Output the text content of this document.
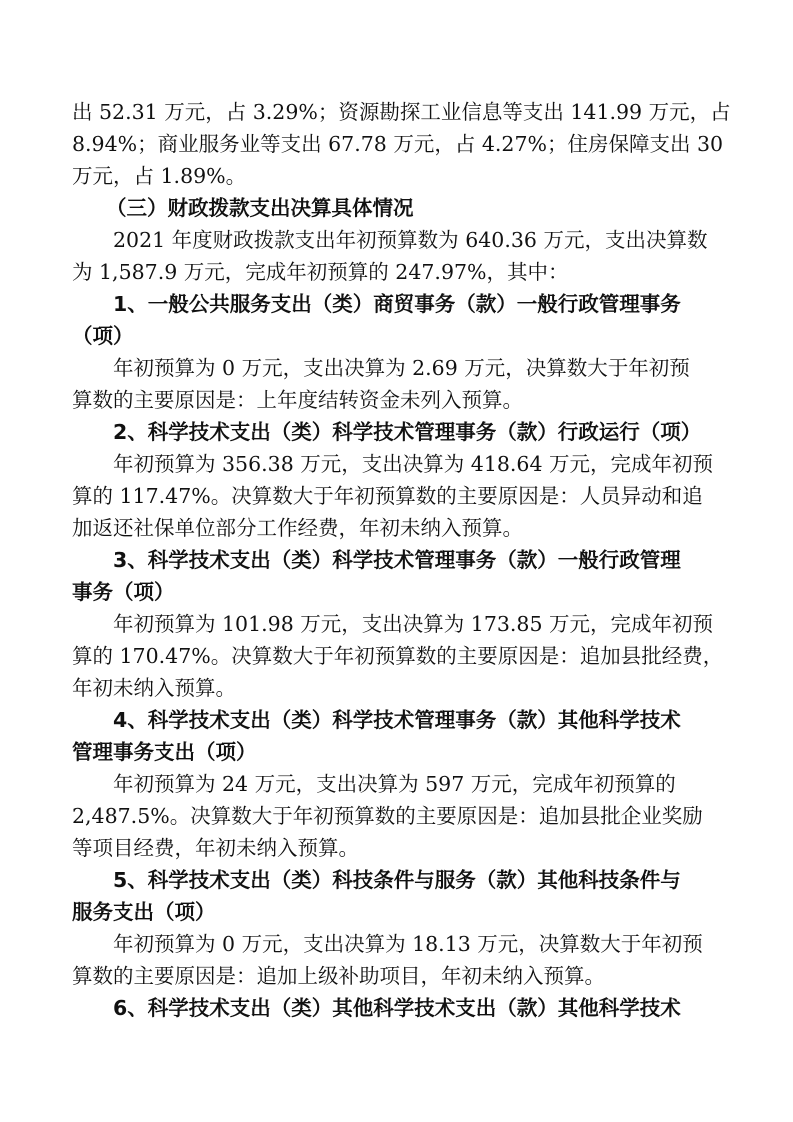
出 52.31 万元，占 3.29%；资源勘探工业信息等支出 141.99 万元，占
8.94%；商业服务业等支出 67.78 万元，占 4.27%；住房保障支出 30
万元，占 1.89%。
（三）财政拨款支出决算具体情况
2021 年度财政拨款支出年初预算数为 640.36 万元，支出决算数
为 1,587.9 万元，完成年初预算的 247.97%，其中：
1、一般公共服务支出（类）商贸事务（款）一般行政管理事务
（项）
年初预算为 0 万元，支出决算为 2.69 万元，决算数大于年初预
算数的主要原因是：上年度结转资金未列入预算。
2、科学技术支出（类）科学技术管理事务（款）行政运行（项）
年初预算为 356.38 万元，支出决算为 418.64 万元，完成年初预
算的 117.47%。决算数大于年初预算数的主要原因是：人员异动和追
加返还社保单位部分工作经费，年初未纳入预算。
3、科学技术支出（类）科学技术管理事务（款）一般行政管理
事务（项）
年初预算为 101.98 万元，支出决算为 173.85 万元，完成年初预
算的 170.47%。决算数大于年初预算数的主要原因是：追加县批经费，
年初未纳入预算。
4、科学技术支出（类）科学技术管理事务（款）其他科学技术
管理事务支出（项）
年初预算为 24 万元，支出决算为 597 万元，完成年初预算的
2,487.5%。决算数大于年初预算数的主要原因是：追加县批企业奖励
等项目经费，年初未纳入预算。
5、科学技术支出（类）科技条件与服务（款）其他科技条件与
服务支出（项）
年初预算为 0 万元，支出决算为 18.13 万元，决算数大于年初预
算数的主要原因是：追加上级补助项目，年初未纳入预算。
6、科学技术支出（类）其他科学技术支出（款）其他科学技术
